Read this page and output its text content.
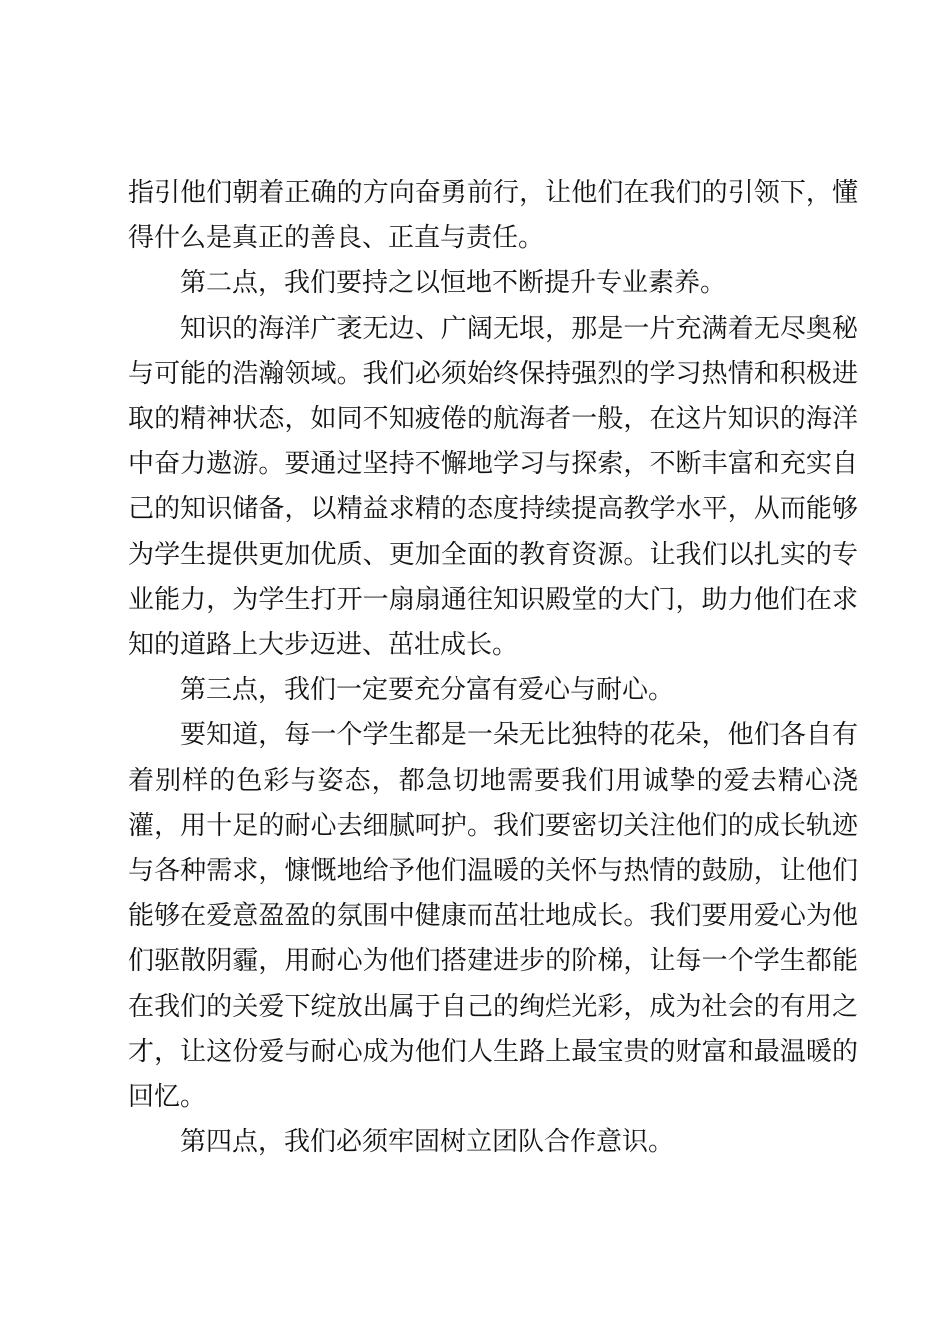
指引他们朝着正确的方向奋勇前行，让他们在我们的引领下，懂得什么是真正的善良、正直与责任。

第二点，我们要持之以恒地不断提升专业素养。

知识的海洋广袤无边、广阔无垠，那是一片充满着无尽奥秘与可能的浩瀚领域。我们必须始终保持强烈的学习热情和积极进取的精神状态，如同不知疲倦的航海者一般，在这片知识的海洋中奋力遨游。要通过坚持不懈地学习与探索，不断丰富和充实自己的知识储备，以精益求精的态度持续提高教学水平，从而能够为学生提供更加优质、更加全面的教育资源。让我们以扎实的专业能力，为学生打开一扇扇通往知识殿堂的大门，助力他们在求知的道路上大步迈进、茁壮成长。

第三点，我们一定要充分富有爱心与耐心。

要知道，每一个学生都是一朵无比独特的花朵，他们各自有着别样的色彩与姿态，都急切地需要我们用诚挚的爱去精心浇灌，用十足的耐心去细腻呵护。我们要密切关注他们的成长轨迹与各种需求，慷慨地给予他们温暖的关怀与热情的鼓励，让他们能够在爱意盈盈的氛围中健康而茁壮地成长。我们要用爱心为他们驱散阴霾，用耐心为他们搭建进步的阶梯，让每一个学生都能在我们的关爱下绽放出属于自己的绚烂光彩，成为社会的有用之才，让这份爱与耐心成为他们人生路上最宝贵的财富和最温暖的回忆。

第四点，我们必须牢固树立团队合作意识。
